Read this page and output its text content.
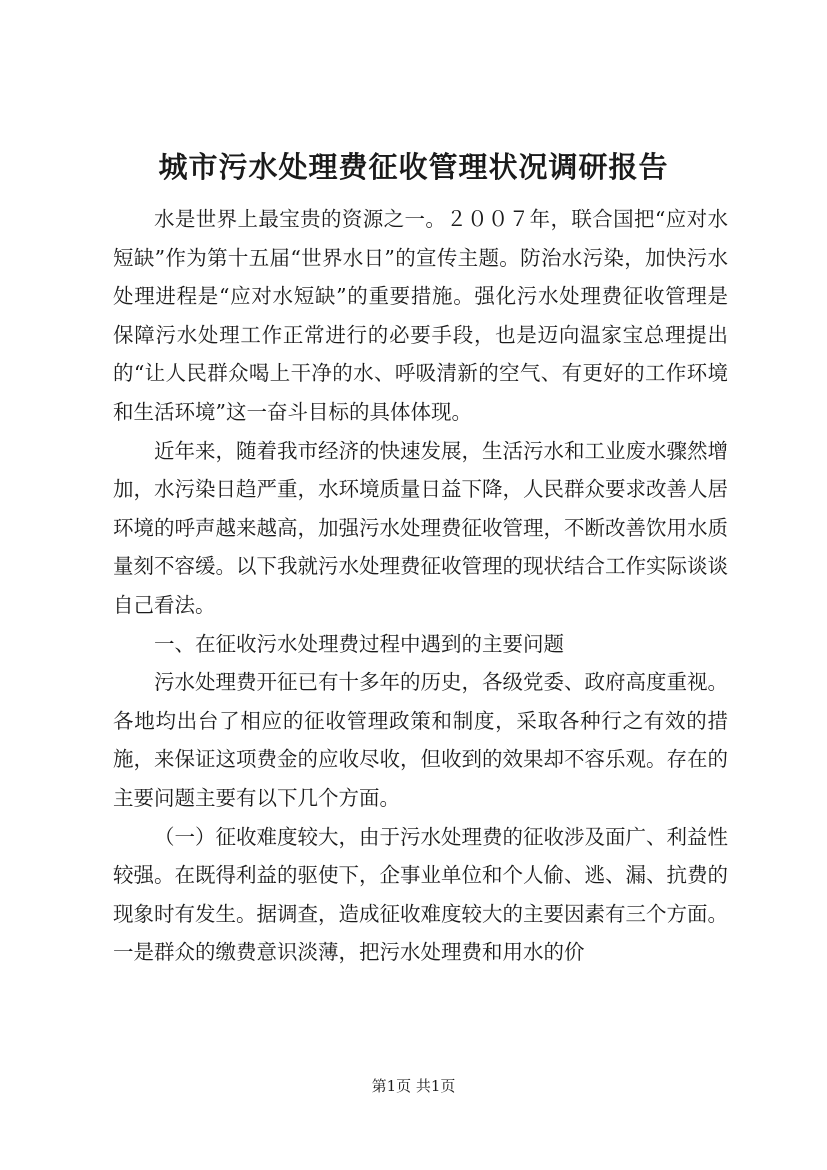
城市污水处理费征收管理状况调研报告

水是世界上最宝贵的资源之一。２００７年，联合国把“应对水短缺”作为第十五届“世界水日”的宣传主题。防治水污染，加快污水处理进程是“应对水短缺”的重要措施。强化污水处理费征收管理是保障污水处理工作正常进行的必要手段，也是迈向温家宝总理提出的“让人民群众喝上干净的水、呼吸清新的空气、有更好的工作环境和生活环境”这一奋斗目标的具体体现。

近年来，随着我市经济的快速发展，生活污水和工业废水骤然增加，水污染日趋严重，水环境质量日益下降，人民群众要求改善人居环境的呼声越来越高，加强污水处理费征收管理，不断改善饮用水质量刻不容缓。以下我就污水处理费征收管理的现状结合工作实际谈谈自己看法。

一、在征收污水处理费过程中遇到的主要问题

污水处理费开征已有十多年的历史，各级党委、政府高度重视。各地均出台了相应的征收管理政策和制度，采取各种行之有效的措施，来保证这项费金的应收尽收，但收到的效果却不容乐观。存在的主要问题主要有以下几个方面。

（一）征收难度较大，由于污水处理费的征收涉及面广、利益性较强。在既得利益的驱使下，企事业单位和个人偷、逃、漏、抗费的现象时有发生。据调查，造成征收难度较大的主要因素有三个方面。一是群众的缴费意识淡薄，把污水处理费和用水的价

第1页 共1页
